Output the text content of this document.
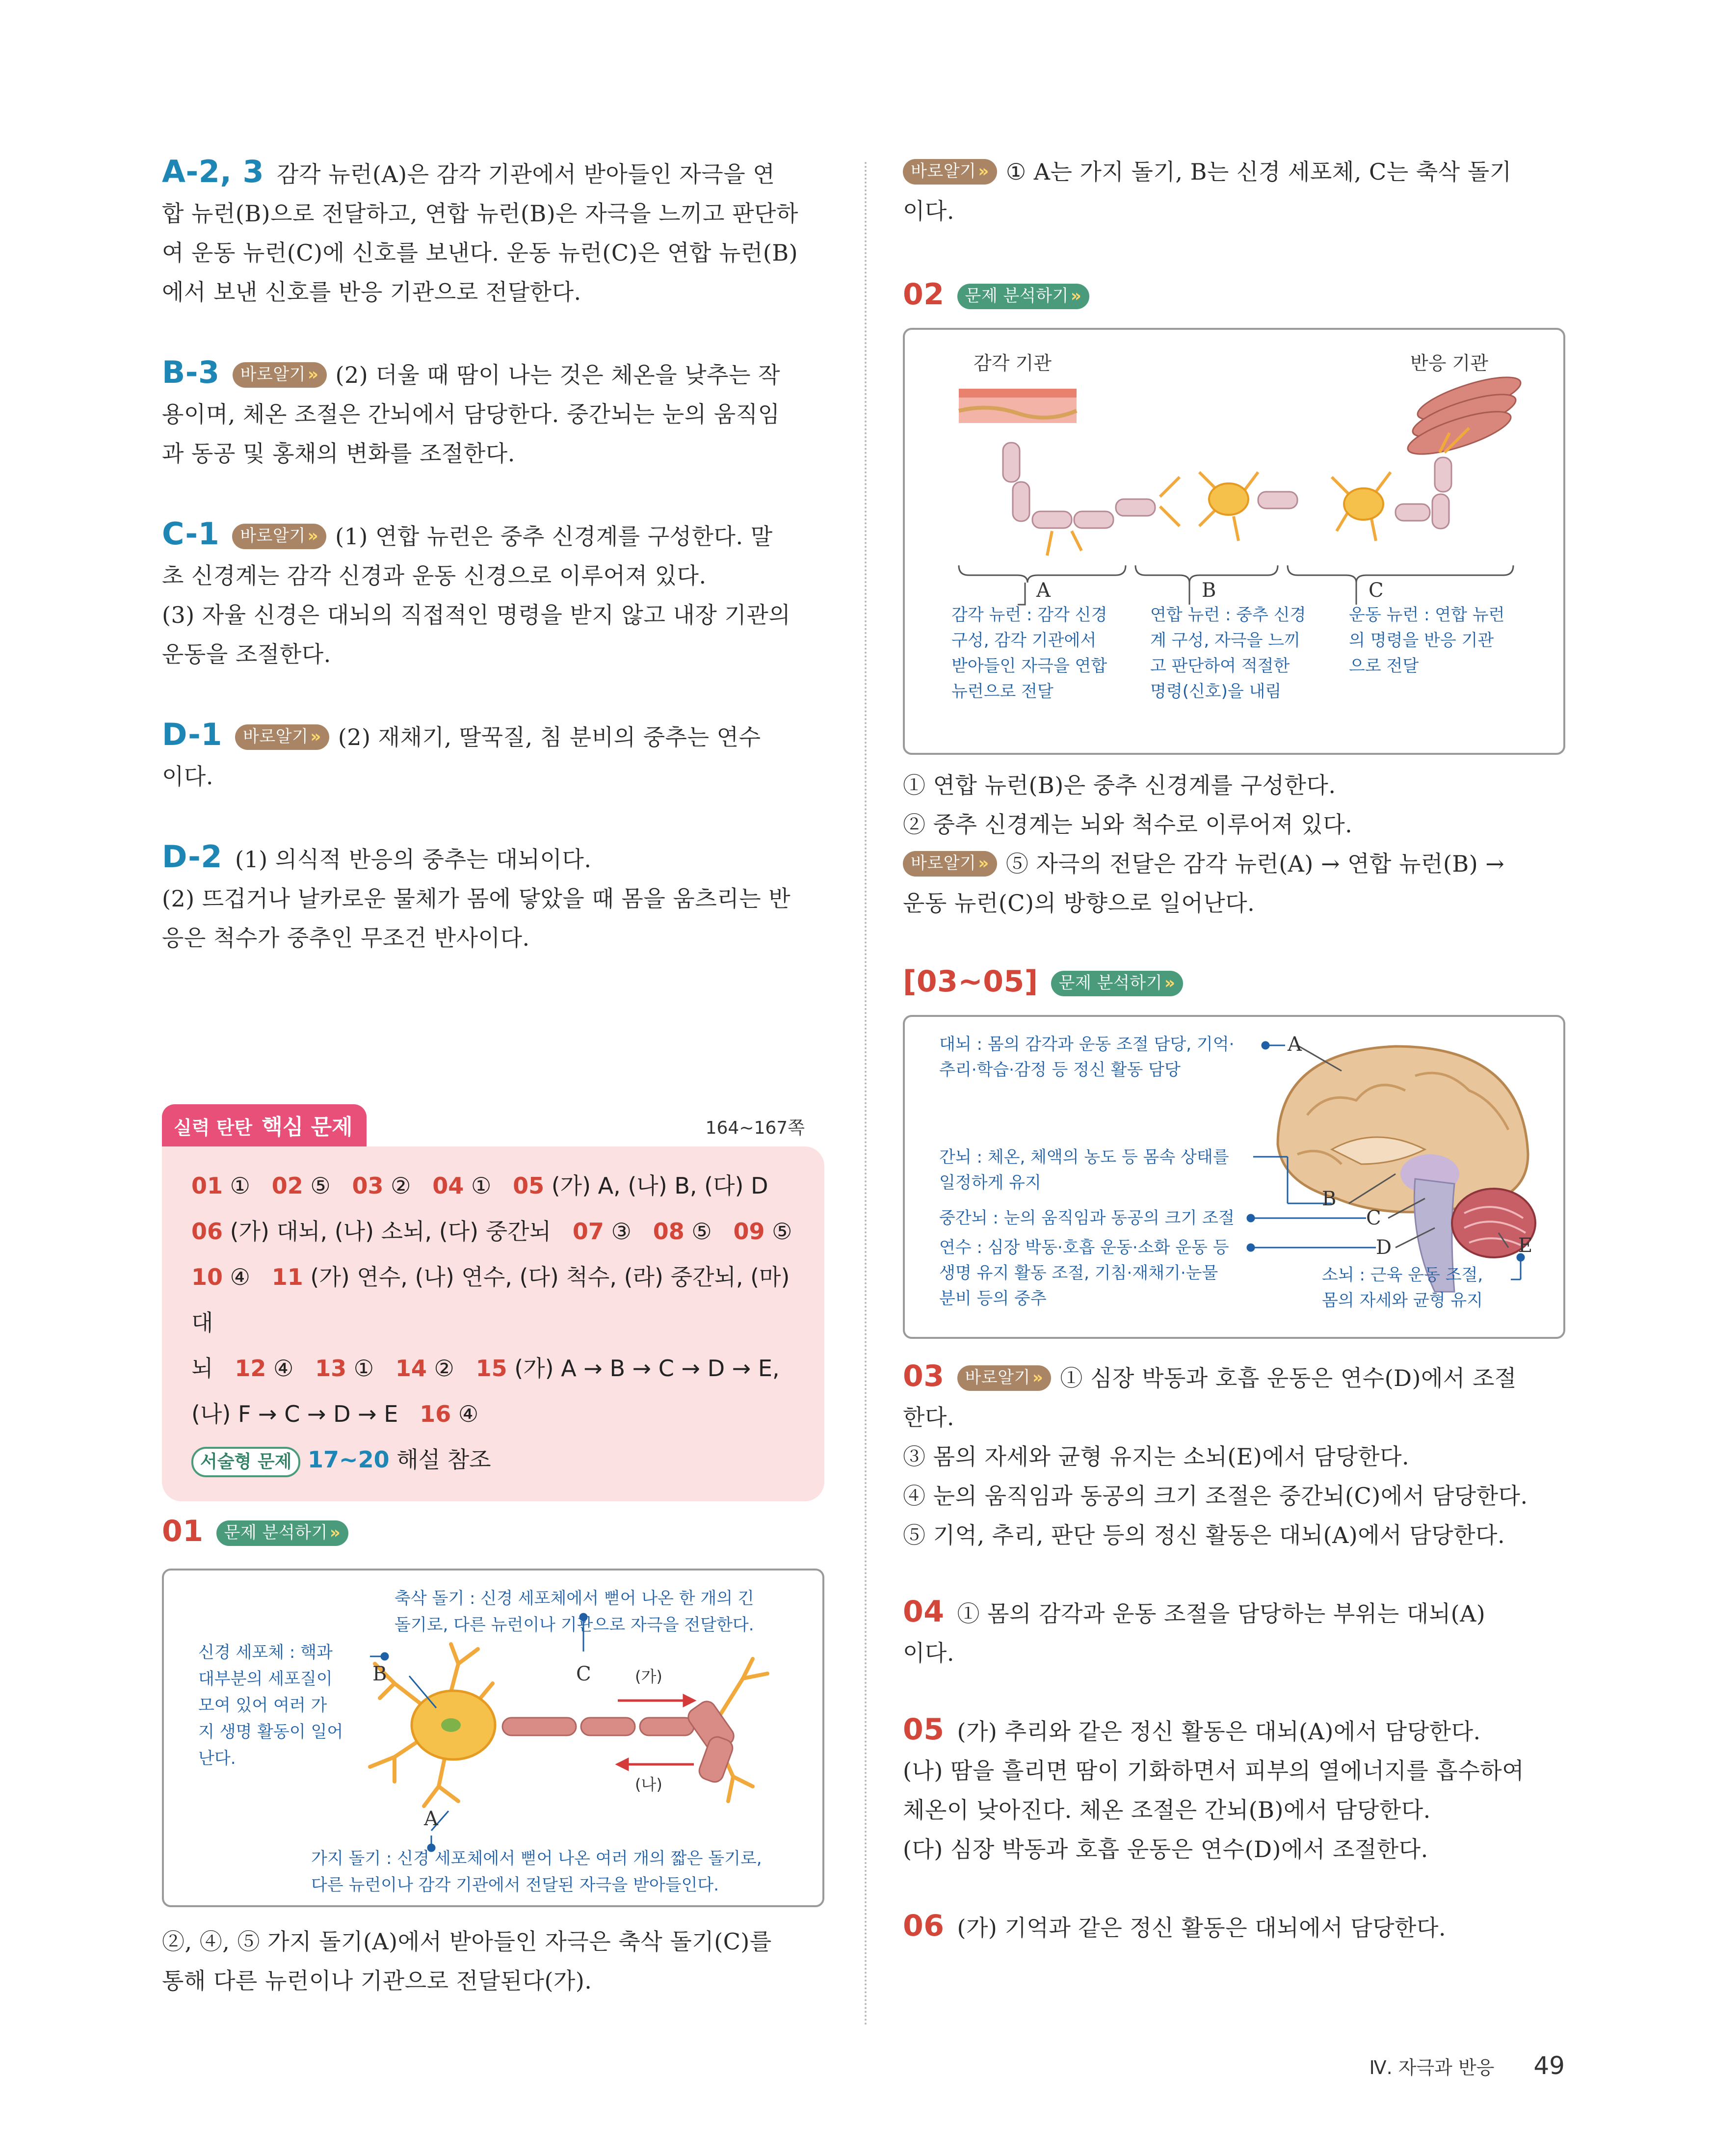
A-2, 3 감각 뉴런(A)은 감각 기관에서 받아들인 자극을 연
합 뉴런(B)으로 전달하고, 연합 뉴런(B)은 자극을 느끼고 판단하
여 운동 뉴런(C)에 신호를 보낸다. 운동 뉴런(C)은 연합 뉴런(B)
에서 보낸 신호를 반응 기관으로 전달한다.
B-3 바로알기 » (2) 더울 때 땀이 나는 것은 체온을 낮추는 작
용이며, 체온 조절은 간뇌에서 담당한다. 중간뇌는 눈의 움직임
과 동공 및 홍채의 변화를 조절한다.
C-1 바로알기 » (1) 연합 뉴런은 중추 신경계를 구성한다. 말
초 신경계는 감각 신경과 운동 신경으로 이루어져 있다.
(3) 자율 신경은 대뇌의 직접적인 명령을 받지 않고 내장 기관의
운동을 조절한다.
D-1 바로알기 » (2) 재채기, 딸꾹질, 침 분비의 중추는 연수
이다.
D-2 (1) 의식적 반응의 중추는 대뇌이다.
(2) 뜨겁거나 날카로운 물체가 몸에 닿았을 때 몸을 움츠리는 반
응은 척수가 중추인 무조건 반사이다.
실력 탄탄 핵심 문제	164~167쪽
01 ① 02 ⑤ 03 ② 04 ① 05 (가) A, (나) B, (다) D
06 (가) 대뇌, (나) 소뇌, (다) 중간뇌 07 ③ 08 ⑤ 09 ⑤
10 ④ 11 (가) 연수, (나) 연수, (다) 척수, (라) 중간뇌, (마) 대
뇌 12 ④ 13 ① 14 ② 15 (가) A → B → C → D → E,
(나) F → C → D → E 16 ④
서술형 문제 17~20 해설 참조
01 문제 분석하기 »
축삭 돌기 : 신경 세포체에서 뻗어 나온 한 개의 긴
돌기로, 다른 뉴런이나 기관으로 자극을 전달한다.
신경 세포체 : 핵과
대부분의 세포질이
모여 있어 여러 가
지 생명 활동이 일어
난다.
B	C	(가)
(나)
A
가지 돌기 : 신경 세포체에서 뻗어 나온 여러 개의 짧은 돌기로,
다른 뉴런이나 감각 기관에서 전달된 자극을 받아들인다.
②, ④, ⑤ 가지 돌기(A)에서 받아들인 자극은 축삭 돌기(C)를
통해 다른 뉴런이나 기관으로 전달된다(가).
바로알기 » ① A는 가지 돌기, B는 신경 세포체, C는 축삭 돌기
이다.
02 문제 분석하기 »
감각 기관	반응 기관
A	B	C
감각 뉴런 : 감각 신경
구성, 감각 기관에서
받아들인 자극을 연합
뉴런으로 전달
연합 뉴런 : 중추 신경
계 구성, 자극을 느끼
고 판단하여 적절한
명령(신호)을 내림
운동 뉴런 : 연합 뉴런
의 명령을 반응 기관
으로 전달
① 연합 뉴런(B)은 중추 신경계를 구성한다.
② 중추 신경계는 뇌와 척수로 이루어져 있다.
바로알기 » ⑤ 자극의 전달은 감각 뉴런(A) → 연합 뉴런(B) →
운동 뉴런(C)의 방향으로 일어난다.
[03~05] 문제 분석하기 »
대뇌 : 몸의 감각과 운동 조절 담당, 기억·
추리·학습·감정 등 정신 활동 담당
A
간뇌 : 체온, 체액의 농도 등 몸속 상태를
일정하게 유지
B
중간뇌 : 눈의 움직임과 동공의 크기 조절	C
연수 : 심장 박동·호흡 운동·소화 운동 등
생명 유지 활동 조절, 기침·재채기·눈물
분비 등의 중추
D	E
소뇌 : 근육 운동 조절,
몸의 자세와 균형 유지
03 바로알기 » ① 심장 박동과 호흡 운동은 연수(D)에서 조절
한다.
③ 몸의 자세와 균형 유지는 소뇌(E)에서 담당한다.
④ 눈의 움직임과 동공의 크기 조절은 중간뇌(C)에서 담당한다.
⑤ 기억, 추리, 판단 등의 정신 활동은 대뇌(A)에서 담당한다.
04 ① 몸의 감각과 운동 조절을 담당하는 부위는 대뇌(A)
이다.
05 (가) 추리와 같은 정신 활동은 대뇌(A)에서 담당한다.
(나) 땀을 흘리면 땀이 기화하면서 피부의 열에너지를 흡수하여
체온이 낮아진다. 체온 조절은 간뇌(B)에서 담당한다.
(다) 심장 박동과 호흡 운동은 연수(D)에서 조절한다.
06 (가) 기억과 같은 정신 활동은 대뇌에서 담당한다.
Ⅳ. 자극과 반응 49
